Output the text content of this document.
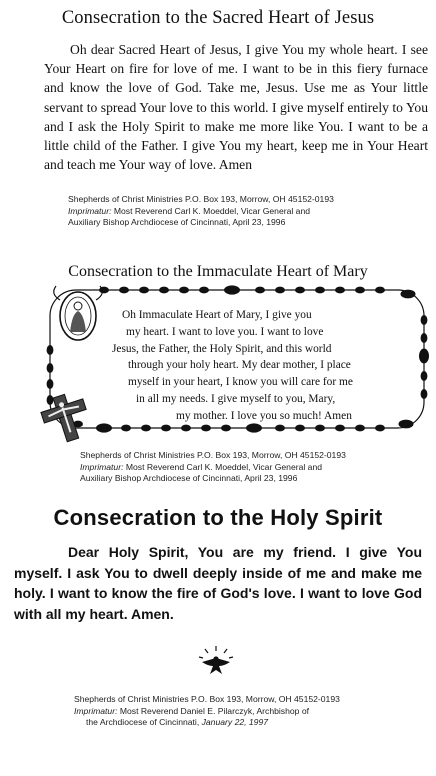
Consecration to the Sacred Heart of Jesus

Oh dear Sacred Heart of Jesus, I give You my whole heart. I see Your Heart on fire for love of me. I want to be in this fiery furnace and know the love of God. Take me, Jesus. Use me as Your little servant to spread Your love to this world. I give myself entirely to You and I ask the Holy Spirit to make me more like You. I want to be a little child of the Father. I give You my heart, keep me in Your Heart and teach me Your way of love. Amen

Shepherds of Christ Ministries P.O. Box 193, Morrow, OH 45152-0193
Imprimatur: Most Reverend Carl K. Moeddel, Vicar General and
Auxiliary Bishop Archdiocese of Cincinnati, April 23, 1996

Consecration to the Immaculate Heart of Mary
Oh Immaculate Heart of Mary, I give you
my heart. I want to love you. I want to love
Jesus, the Father, the Holy Spirit, and this world
through your holy heart. My dear mother, I place
myself in your heart, I know you will care for me
in all my needs. I give myself to you, Mary,
my mother. I love you so much! Amen

Shepherds of Christ Ministries P.O. Box 193, Morrow, OH 45152-0193
Imprimatur: Most Reverend Carl K. Moeddel, Vicar General and
Auxiliary Bishop Archdiocese of Cincinnati, April 23, 1996

Consecration to the Holy Spirit

Dear Holy Spirit, You are my friend. I give You myself. I ask You to dwell deeply inside of me and make me holy. I want to know the fire of God's love. I want to love God with all my heart. Amen.

Shepherds of Christ Ministries P.O. Box 193, Morrow, OH 45152-0193
Imprimatur: Most Reverend Daniel E. Pilarczyk, Archbishop of
the Archdiocese of Cincinnati, January 22, 1997
